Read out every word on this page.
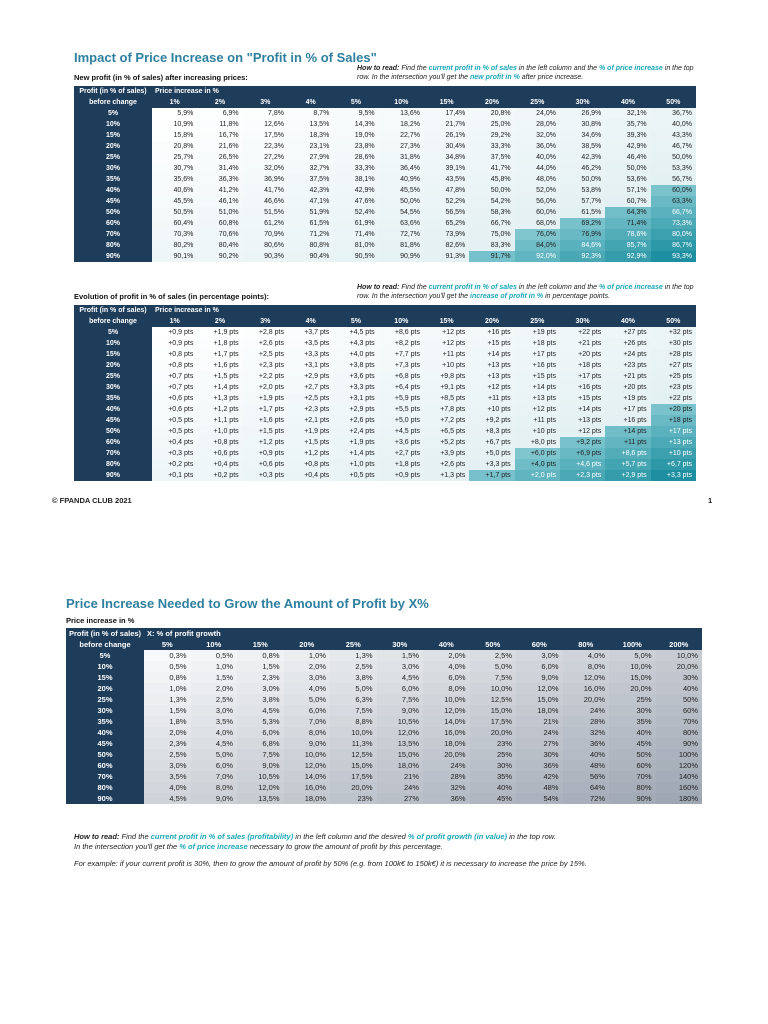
Impact of Price Increase on "Profit in % of Sales"
How to read: Find the current profit in % of sales in the left column and the % of price increase in the top row. In the intersection you'll get the new profit in % after price increase.
New profit (in % of sales) after increasing prices:
Profit (in % of sales)	Price increase in %											
before change	1%	2%	3%	4%	5%	10%	15%	20%	25%	30%	40%	50%
5%	5,9%	6,9%	7,8%	8,7%	9,5%	13,6%	17,4%	20,8%	24,0%	26,9%	32,1%	36,7%
10%	10,9%	11,8%	12,6%	13,5%	14,3%	18,2%	21,7%	25,0%	28,0%	30,8%	35,7%	40,0%
15%	15,8%	16,7%	17,5%	18,3%	19,0%	22,7%	26,1%	29,2%	32,0%	34,6%	39,3%	43,3%
20%	20,8%	21,6%	22,3%	23,1%	23,8%	27,3%	30,4%	33,3%	36,0%	38,5%	42,9%	46,7%
25%	25,7%	26,5%	27,2%	27,9%	28,6%	31,8%	34,8%	37,5%	40,0%	42,3%	46,4%	50,0%
30%	30,7%	31,4%	32,0%	32,7%	33,3%	36,4%	39,1%	41,7%	44,0%	46,2%	50,0%	53,3%
35%	35,6%	36,3%	36,9%	37,5%	38,1%	40,9%	43,5%	45,8%	48,0%	50,0%	53,6%	56,7%
40%	40,6%	41,2%	41,7%	42,3%	42,9%	45,5%	47,8%	50,0%	52,0%	53,8%	57,1%	60,0%
45%	45,5%	46,1%	46,6%	47,1%	47,6%	50,0%	52,2%	54,2%	56,0%	57,7%	60,7%	63,3%
50%	50,5%	51,0%	51,5%	51,9%	52,4%	54,5%	56,5%	58,3%	60,0%	61,5%	64,3%	66,7%
60%	60,4%	60,8%	61,2%	61,5%	61,9%	63,6%	65,2%	66,7%	68,0%	69,2%	71,4%	73,3%
70%	70,3%	70,6%	70,9%	71,2%	71,4%	72,7%	73,9%	75,0%	76,0%	76,9%	78,6%	80,0%
80%	80,2%	80,4%	80,6%	80,8%	81,0%	81,8%	82,6%	83,3%	84,0%	84,6%	85,7%	86,7%
90%	90,1%	90,2%	90,3%	90,4%	90,5%	90,9%	91,3%	91,7%	92,0%	92,3%	92,9%	93,3%
How to read: Find the current profit in % of sales in the left column and the % of price increase in the top row. In the intersection you'll get the increase of profit in % in percentage points.
Evolution of profit in % of sales (in percentage points):
Profit (in % of sales)	Price increase in %											
before change	1%	2%	3%	4%	5%	10%	15%	20%	25%	30%	40%	50%
5%	+0,9 pts	+1,9 pts	+2,8 pts	+3,7 pts	+4,5 pts	+8,6 pts	+12 pts	+16 pts	+19 pts	+22 pts	+27 pts	+32 pts
10%	+0,9 pts	+1,8 pts	+2,6 pts	+3,5 pts	+4,3 pts	+8,2 pts	+12 pts	+15 pts	+18 pts	+21 pts	+26 pts	+30 pts
15%	+0,8 pts	+1,7 pts	+2,5 pts	+3,3 pts	+4,0 pts	+7,7 pts	+11 pts	+14 pts	+17 pts	+20 pts	+24 pts	+28 pts
20%	+0,8 pts	+1,6 pts	+2,3 pts	+3,1 pts	+3,8 pts	+7,3 pts	+10 pts	+13 pts	+16 pts	+18 pts	+23 pts	+27 pts
25%	+0,7 pts	+1,5 pts	+2,2 pts	+2,9 pts	+3,6 pts	+6,8 pts	+9,8 pts	+13 pts	+15 pts	+17 pts	+21 pts	+25 pts
30%	+0,7 pts	+1,4 pts	+2,0 pts	+2,7 pts	+3,3 pts	+6,4 pts	+9,1 pts	+12 pts	+14 pts	+16 pts	+20 pts	+23 pts
35%	+0,6 pts	+1,3 pts	+1,9 pts	+2,5 pts	+3,1 pts	+5,9 pts	+8,5 pts	+11 pts	+13 pts	+15 pts	+19 pts	+22 pts
40%	+0,6 pts	+1,2 pts	+1,7 pts	+2,3 pts	+2,9 pts	+5,5 pts	+7,8 pts	+10 pts	+12 pts	+14 pts	+17 pts	+20 pts
45%	+0,5 pts	+1,1 pts	+1,6 pts	+2,1 pts	+2,6 pts	+5,0 pts	+7,2 pts	+9,2 pts	+11 pts	+13 pts	+16 pts	+18 pts
50%	+0,5 pts	+1,0 pts	+1,5 pts	+1,9 pts	+2,4 pts	+4,5 pts	+6,5 pts	+8,3 pts	+10 pts	+12 pts	+14 pts	+17 pts
60%	+0,4 pts	+0,8 pts	+1,2 pts	+1,5 pts	+1,9 pts	+3,6 pts	+5,2 pts	+6,7 pts	+8,0 pts	+9,2 pts	+11 pts	+13 pts
70%	+0,3 pts	+0,6 pts	+0,9 pts	+1,2 pts	+1,4 pts	+2,7 pts	+3,9 pts	+5,0 pts	+6,0 pts	+6,9 pts	+8,6 pts	+10 pts
80%	+0,2 pts	+0,4 pts	+0,6 pts	+0,8 pts	+1,0 pts	+1,8 pts	+2,6 pts	+3,3 pts	+4,0 pts	+4,6 pts	+5,7 pts	+6,7 pts
90%	+0,1 pts	+0,2 pts	+0,3 pts	+0,4 pts	+0,5 pts	+0,9 pts	+1,3 pts	+1,7 pts	+2,0 pts	+2,3 pts	+2,9 pts	+3,3 pts
© FPANDA CLUB 2021	1
Price Increase Needed to Grow the Amount of Profit by X%
Price increase in %
Profit (in % of sales)	X: % of profit growth											
before change	5%	10%	15%	20%	25%	30%	40%	50%	60%	80%	100%	200%
5%	0,3%	0,5%	0,8%	1,0%	1,3%	1,5%	2,0%	2,5%	3,0%	4,0%	5,0%	10,0%
10%	0,5%	1,0%	1,5%	2,0%	2,5%	3,0%	4,0%	5,0%	6,0%	8,0%	10,0%	20,0%
15%	0,8%	1,5%	2,3%	3,0%	3,8%	4,5%	6,0%	7,5%	9,0%	12,0%	15,0%	30%
20%	1,0%	2,0%	3,0%	4,0%	5,0%	6,0%	8,0%	10,0%	12,0%	16,0%	20,0%	40%
25%	1,3%	2,5%	3,8%	5,0%	6,3%	7,5%	10,0%	12,5%	15,0%	20,0%	25%	50%
30%	1,5%	3,0%	4,5%	6,0%	7,5%	9,0%	12,0%	15,0%	18,0%	24%	30%	60%
35%	1,8%	3,5%	5,3%	7,0%	8,8%	10,5%	14,0%	17,5%	21%	28%	35%	70%
40%	2,0%	4,0%	6,0%	8,0%	10,0%	12,0%	16,0%	20,0%	24%	32%	40%	80%
45%	2,3%	4,5%	6,8%	9,0%	11,3%	13,5%	18,0%	23%	27%	36%	45%	90%
50%	2,5%	5,0%	7,5%	10,0%	12,5%	15,0%	20,0%	25%	30%	40%	50%	100%
60%	3,0%	6,0%	9,0%	12,0%	15,0%	18,0%	24%	30%	36%	48%	60%	120%
70%	3,5%	7,0%	10,5%	14,0%	17,5%	21%	28%	35%	42%	56%	70%	140%
80%	4,0%	8,0%	12,0%	16,0%	20,0%	24%	32%	40%	48%	64%	80%	160%
90%	4,5%	9,0%	13,5%	18,0%	23%	27%	36%	45%	54%	72%	90%	180%
How to read: Find the current profit in % of sales (profitability) in the left column and the desired % of profit growth (in value) in the top row.
In the intersection you'll get the % of price increase necessary to grow the amount of profit by this percentage.
For example: if your current profit is 30%, then to grow the amount of profit by 50% (e.g. from 100k€ to 150k€) it is necessary to increase the price by 15%.
